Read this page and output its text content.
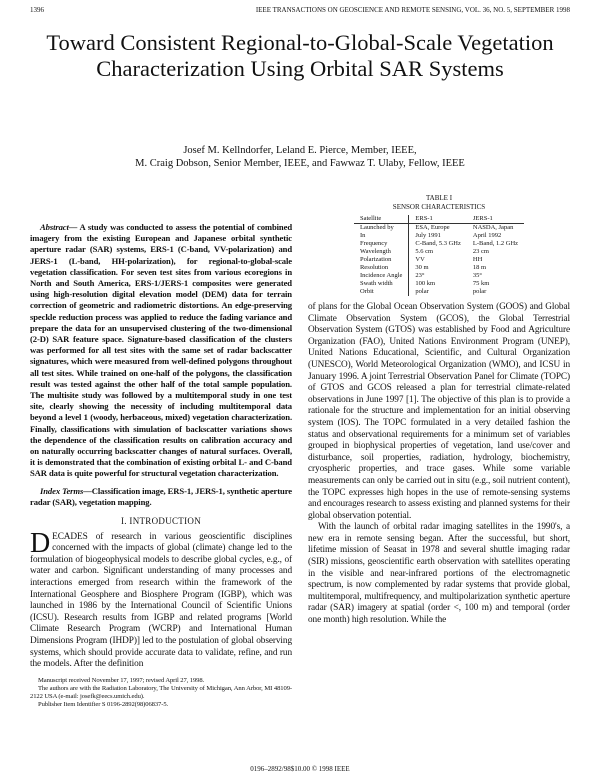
1396	IEEE TRANSACTIONS ON GEOSCIENCE AND REMOTE SENSING, VOL. 36, NO. 5, SEPTEMBER 1998
Toward Consistent Regional-to-Global-Scale Vegetation Characterization Using Orbital SAR Systems
Josef M. Kellndorfer, Leland E. Pierce, Member, IEEE,
M. Craig Dobson, Senior Member, IEEE, and Fawwaz T. Ulaby, Fellow, IEEE

Abstract— A study was conducted to assess the potential of combined imagery from the existing European and Japanese orbital synthetic aperture radar (SAR) systems, ERS-1 (C-band, VV-polarization) and JERS-1 (L-band, HH-polarization), for regional-to-global-scale vegetation classification. For seven test sites from various ecoregions in North and South America, ERS-1/JERS-1 composites were generated using high-resolution digital elevation model (DEM) data for terrain correction of geometric and radiometric distortions. An edge-preserving speckle reduction process was applied to reduce the fading variance and prepare the data for an unsupervised clustering of the two-dimensional (2-D) SAR feature space. Signature-based classification of the clusters was performed for all test sites with the same set of radar backscatter signatures, which were measured from well-defined polygons throughout all test sites. While trained on one-half of the polygons, the classification result was tested against the other half of the total sample population. The multisite study was followed by a multitemporal study in one test site, clearly showing the necessity of including multitemporal data beyond a level 1 (woody, herbaceous, mixed) vegetation characterization. Finally, classifications with simulation of backscatter variations shows the dependence of the classification results on calibration accuracy and on naturally occurring backscatter changes of natural surfaces. Overall, it is demonstrated that the combination of existing orbital L- and C-band SAR data is quite powerful for structural vegetation characterization.

Index Terms—Classification image, ERS-1, JERS-1, synthetic aperture radar (SAR), vegetation mapping.

I. INTRODUCTION

DECADES of research in various geoscientific disciplines concerned with the impacts of global (climate) change led to the formulation of biogeophysical models to describe global cycles, e.g., of water and carbon. Significant understanding of many processes and interactions emerged from research within the framework of the International Geosphere and Biosphere Program (IGBP), which was launched in 1986 by the International Council of Scientific Unions (ICSU). Research results from IGBP and related programs [World Climate Research Program (WCRP) and International Human Dimensions Program (IHDP)] led to the postulation of global observing systems, which should provide accurate data to validate, refine, and run the models. After the definition

Manuscript received November 17, 1997; revised April 27, 1998.

The authors are with the Radiation Laboratory, The University of Michigan, Ann Arbor, MI 48109-2122 USA (e-mail: josefk@eecs.umich.edu).

Publisher Item Identifier S 0196-2892(98)06837-5.

TABLE I
SENSOR CHARACTERISTICS
Satellite	ERS-1	JERS-1
Launched by	ESA, Europe	NASDA, Japan
In	July 1991	April 1992
Frequency	C-Band, 5.3 GHz	L-Band, 1.2 GHz
Wavelength	5.6 cm	23 cm
Polarization	VV	HH
Resolution	30 m	18 m
Incidence Angle	23°	35°
Swath width	100 km	75 km
Orbit	polar	polar

of plans for the Global Ocean Observation System (GOOS) and Global Climate Observation System (GCOS), the Global Terrestrial Observation System (GTOS) was established by Food and Agriculture Organization (FAO), United Nations Environment Program (UNEP), United Nations Educational, Scientific, and Cultural Organization (UNESCO), World Meteorological Organization (WMO), and ICSU in January 1996. A joint Terrestrial Observation Panel for Climate (TOPC) of GTOS and GCOS released a plan for terrestrial climate-related observations in June 1997 [1]. The objective of this plan is to provide a rationale for the structure and implementation for an initial observing system (IOS). The TOPC formulated in a very detailed fashion the status and observational requirements for a minimum set of variables grouped in biophysical properties of vegetation, land use/cover and disturbance, soil properties, radiation, hydrology, biochemistry, cryospheric properties, and trace gases. While some variable measurements can only be carried out in situ (e.g., soil nutrient content), the TOPC expresses high hopes in the use of remote-sensing systems and encourages research to assess existing and planned systems for their global observation potential.

With the launch of orbital radar imaging satellites in the 1990's, a new era in remote sensing began. After the successful, but short, lifetime mission of Seasat in 1978 and several shuttle imaging radar (SIR) missions, geoscientific earth observation with satellites operating in the visible and near-infrared portions of the electromagnetic spectrum, is now complemented by radar systems that provide global, multitemporal, multifrequency, and multipolarization synthetic aperture radar (SAR) imagery at spatial (order <, 100 m) and temporal (order one month) high resolution. While the

0196–2892/98$10.00 © 1998 IEEE
